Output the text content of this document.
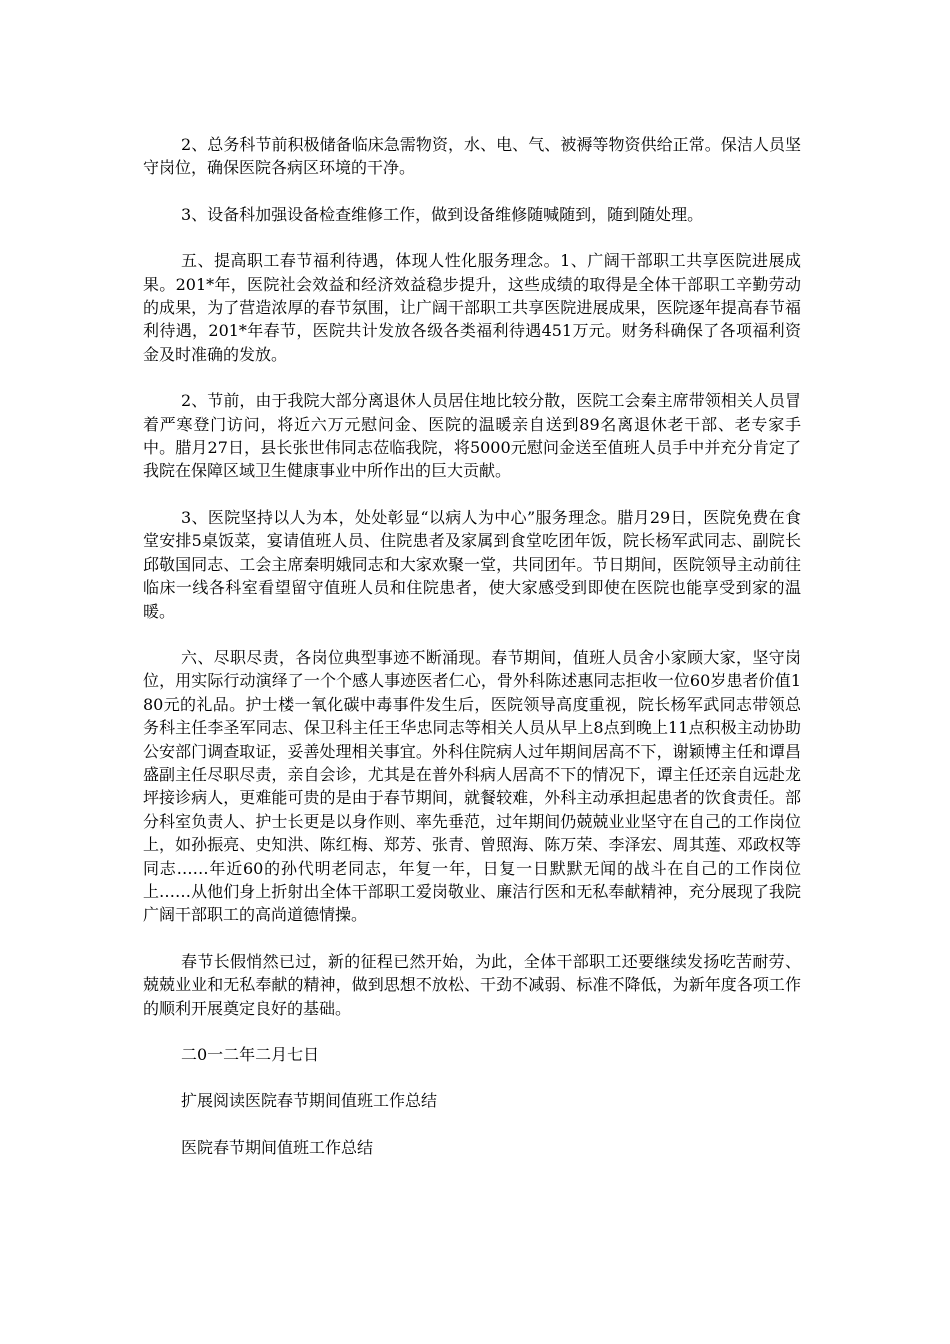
2、总务科节前积极储备临床急需物资，水、电、气、被褥等物资供给正常。保洁人员坚守岗位，确保医院各病区环境的干净。

3、设备科加强设备检查维修工作，做到设备维修随喊随到，随到随处理。

五、提高职工春节福利待遇，体现人性化服务理念。1、广阔干部职工共享医院进展成果。201*年，医院社会效益和经济效益稳步提升，这些成绩的取得是全体干部职工辛勤劳动的成果，为了营造浓厚的春节氛围，让广阔干部职工共享医院进展成果，医院逐年提高春节福利待遇，201*年春节，医院共计发放各级各类福利待遇451万元。财务科确保了各项福利资金及时准确的发放。

2、节前，由于我院大部分离退休人员居住地比较分散，医院工会秦主席带领相关人员冒着严寒登门访问，将近六万元慰问金、医院的温暖亲自送到89名离退休老干部、老专家手中。腊月27日，县长张世伟同志莅临我院，将5000元慰问金送至值班人员手中并充分肯定了我院在保障区域卫生健康事业中所作出的巨大贡献。

3、医院坚持以人为本，处处彰显“以病人为中心”服务理念。腊月29日，医院免费在食堂安排5桌饭菜，宴请值班人员、住院患者及家属到食堂吃团年饭，院长杨军武同志、副院长邱敬国同志、工会主席秦明娥同志和大家欢聚一堂，共同团年。节日期间，医院领导主动前往临床一线各科室看望留守值班人员和住院患者，使大家感受到即使在医院也能享受到家的温暖。

六、尽职尽责，各岗位典型事迹不断涌现。春节期间，值班人员舍小家顾大家，坚守岗位，用实际行动演绎了一个个感人事迹医者仁心，骨外科陈述惠同志拒收一位60岁患者价值180元的礼品。护士楼一氧化碳中毒事件发生后，医院领导高度重视，院长杨军武同志带领总务科主任李圣军同志、保卫科主任王华忠同志等相关人员从早上8点到晚上11点积极主动协助公安部门调查取证，妥善处理相关事宜。外科住院病人过年期间居高不下，谢颖博主任和谭昌盛副主任尽职尽责，亲自会诊，尤其是在普外科病人居高不下的情况下，谭主任还亲自远赴龙坪接诊病人，更难能可贵的是由于春节期间，就餐较难，外科主动承担起患者的饮食责任。部分科室负责人、护士长更是以身作则、率先垂范，过年期间仍兢兢业业坚守在自己的工作岗位上，如孙振亮、史知洪、陈红梅、郑芳、张青、曾照海、陈万荣、李泽宏、周其莲、邓政权等同志……年近60的孙代明老同志，年复一年，日复一日默默无闻的战斗在自己的工作岗位上……从他们身上折射出全体干部职工爱岗敬业、廉洁行医和无私奉献精神，充分展现了我院广阔干部职工的高尚道德情操。

春节长假悄然已过，新的征程已然开始，为此，全体干部职工还要继续发扬吃苦耐劳、兢兢业业和无私奉献的精神，做到思想不放松、干劲不减弱、标准不降低，为新年度各项工作的顺利开展奠定良好的基础。

二0一二年二月七日

扩展阅读医院春节期间值班工作总结

医院春节期间值班工作总结
